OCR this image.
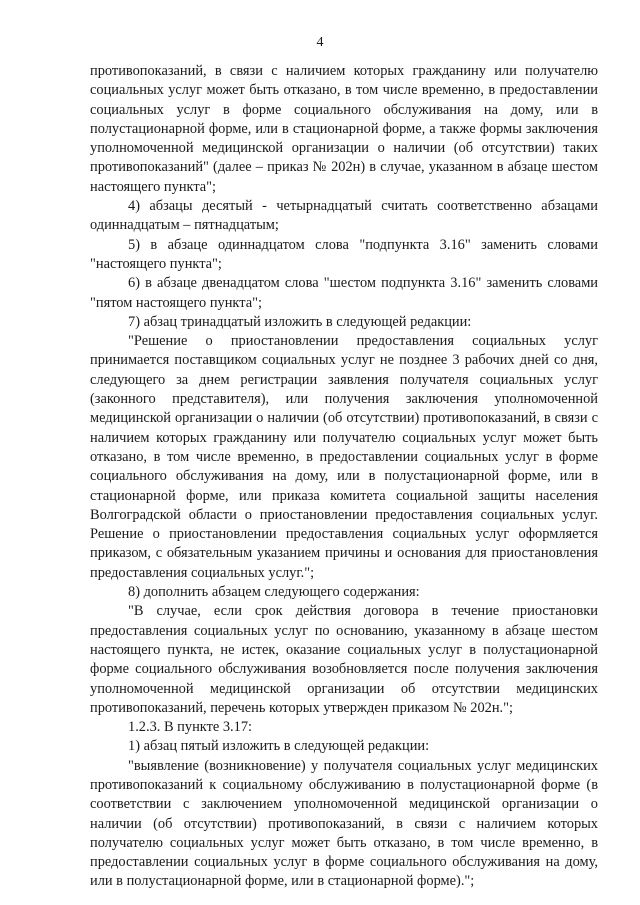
4

противопоказаний, в связи с наличием которых гражданину или получателю социальных услуг может быть отказано, в том числе временно, в предоставлении социальных услуг в форме социального обслуживания на дому, или в полустационарной форме, или в стационарной форме, а также формы заключения уполномоченной медицинской организации о наличии (об отсутствии) таких противопоказаний" (далее – приказ № 202н) в случае, указанном в абзаце шестом настоящего пункта";

4) абзацы десятый - четырнадцатый считать соответственно абзацами одиннадцатым – пятнадцатым;

5) в абзаце одиннадцатом слова "подпункта 3.16" заменить словами "настоящего пункта";

6) в абзаце двенадцатом слова "шестом подпункта 3.16" заменить словами "пятом настоящего пункта";

7) абзац тринадцатый изложить в следующей редакции:

"Решение о приостановлении предоставления социальных услуг принимается поставщиком социальных услуг не позднее 3 рабочих дней со дня, следующего за днем регистрации заявления получателя социальных услуг (законного представителя), или получения заключения уполномоченной медицинской организации о наличии (об отсутствии) противопоказаний, в связи с наличием которых гражданину или получателю социальных услуг может быть отказано, в том числе временно, в предоставлении социальных услуг в форме социального обслуживания на дому, или в полустационарной форме, или в стационарной форме, или приказа комитета социальной защиты населения Волгоградской области о приостановлении предоставления социальных услуг. Решение о приостановлении предоставления социальных услуг оформляется приказом, с обязательным указанием причины и основания для приостановления предоставления социальных услуг.";

8) дополнить абзацем следующего содержания:

"В случае, если срок действия договора в течение приостановки предоставления социальных услуг по основанию, указанному в абзаце шестом настоящего пункта, не истек, оказание социальных услуг в полустационарной форме социального обслуживания возобновляется после получения заключения уполномоченной медицинской организации об отсутствии медицинских противопоказаний, перечень которых утвержден приказом № 202н.";

1.2.3. В пункте 3.17:

1) абзац пятый изложить в следующей редакции:

"выявление (возникновение) у получателя социальных услуг медицинских противопоказаний к социальному обслуживанию в полустационарной форме (в соответствии с заключением уполномоченной медицинской организации о наличии (об отсутствии) противопоказаний, в связи с наличием которых получателю социальных услуг может быть отказано, в том числе временно, в предоставлении социальных услуг в форме социального обслуживания на дому, или в полустационарной форме, или в стационарной форме).";
